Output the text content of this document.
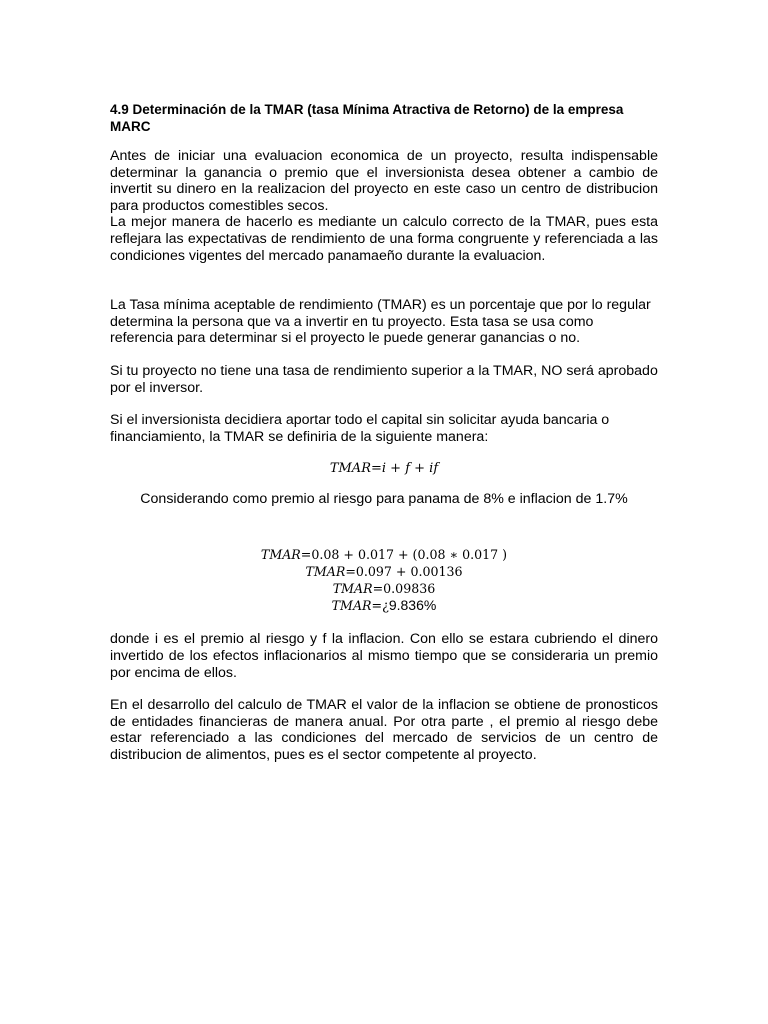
4.9 Determinación de la TMAR (tasa Mínima Atractiva de Retorno) de la empresa
MARC

Antes de iniciar una evaluacion economica de un proyecto, resulta indispensable determinar la ganancia o premio que el inversionista desea obtener a cambio de invertit su dinero en la realizacion del proyecto en este caso un centro de distribucion para productos comestibles secos.

La mejor manera de hacerlo es mediante un calculo correcto de la TMAR, pues esta reflejara las expectativas de rendimiento de una forma congruente y referenciada a las condiciones vigentes del mercado panamaeño durante la evaluacion.

La Tasa mínima aceptable de rendimiento (TMAR) es un porcentaje que por lo regular determina la persona que va a invertir en tu proyecto. Esta tasa se usa como referencia para determinar si el proyecto le puede generar ganancias o no.

Si tu proyecto no tiene una tasa de rendimiento superior a la TMAR, NO será aprobado por el inversor.

Si el inversionista decidiera aportar todo el capital sin solicitar ayuda bancaria o financiamiento, la TMAR se definiria de la siguiente manera:

TMAR=i + f + if

Considerando como premio al riesgo para panama de 8% e inflacion de 1.7%

TMAR=0.08 + 0.017 + (0.08 ∗ 0.017 )
TMAR=0.097 + 0.00136
TMAR=0.09836
TMAR=¿9.836%

donde i es el premio al riesgo y f la inflacion. Con ello se estara cubriendo el dinero invertido de los efectos inflacionarios al mismo tiempo que se consideraria un premio por encima de ellos.

En el desarrollo del calculo de TMAR el valor de la inflacion se obtiene de pronosticos de entidades financieras de manera anual. Por otra parte , el premio al riesgo debe estar referenciado a las condiciones del mercado de servicios de un centro de distribucion de alimentos, pues es el sector competente al proyecto.
